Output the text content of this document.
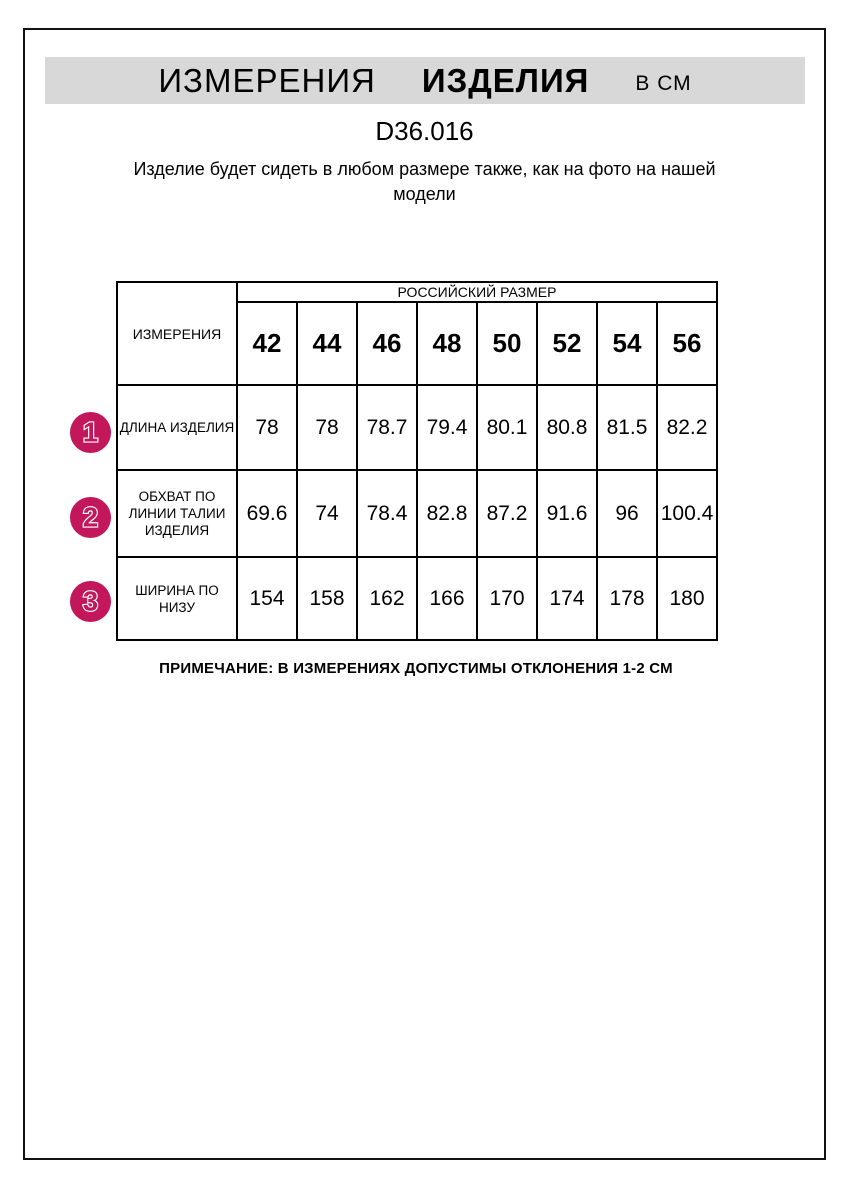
ИЗМЕРЕНИЯ ИЗДЕЛИЯ В СМ
D36.016
Изделие будет сидеть в любом размере также, как на фото на нашей модели
ИЗМЕРЕНИЯ	РОССИЙСКИЙ РАЗМЕР							
	42	44	46	48	50	52	54	56
ДЛИНА ИЗДЕЛИЯ	78	78	78.7	79.4	80.1	80.8	81.5	82.2
ОБХВАТ ПО ЛИНИИ ТАЛИИ ИЗДЕЛИЯ	69.6	74	78.4	82.8	87.2	91.6	96	100.4
ШИРИНА ПО НИЗУ	154	158	162	166	170	174	178	180
1
2
3
ПРИМЕЧАНИЕ: В ИЗМЕРЕНИЯХ ДОПУСТИМЫ ОТКЛОНЕНИЯ 1-2 СМ
